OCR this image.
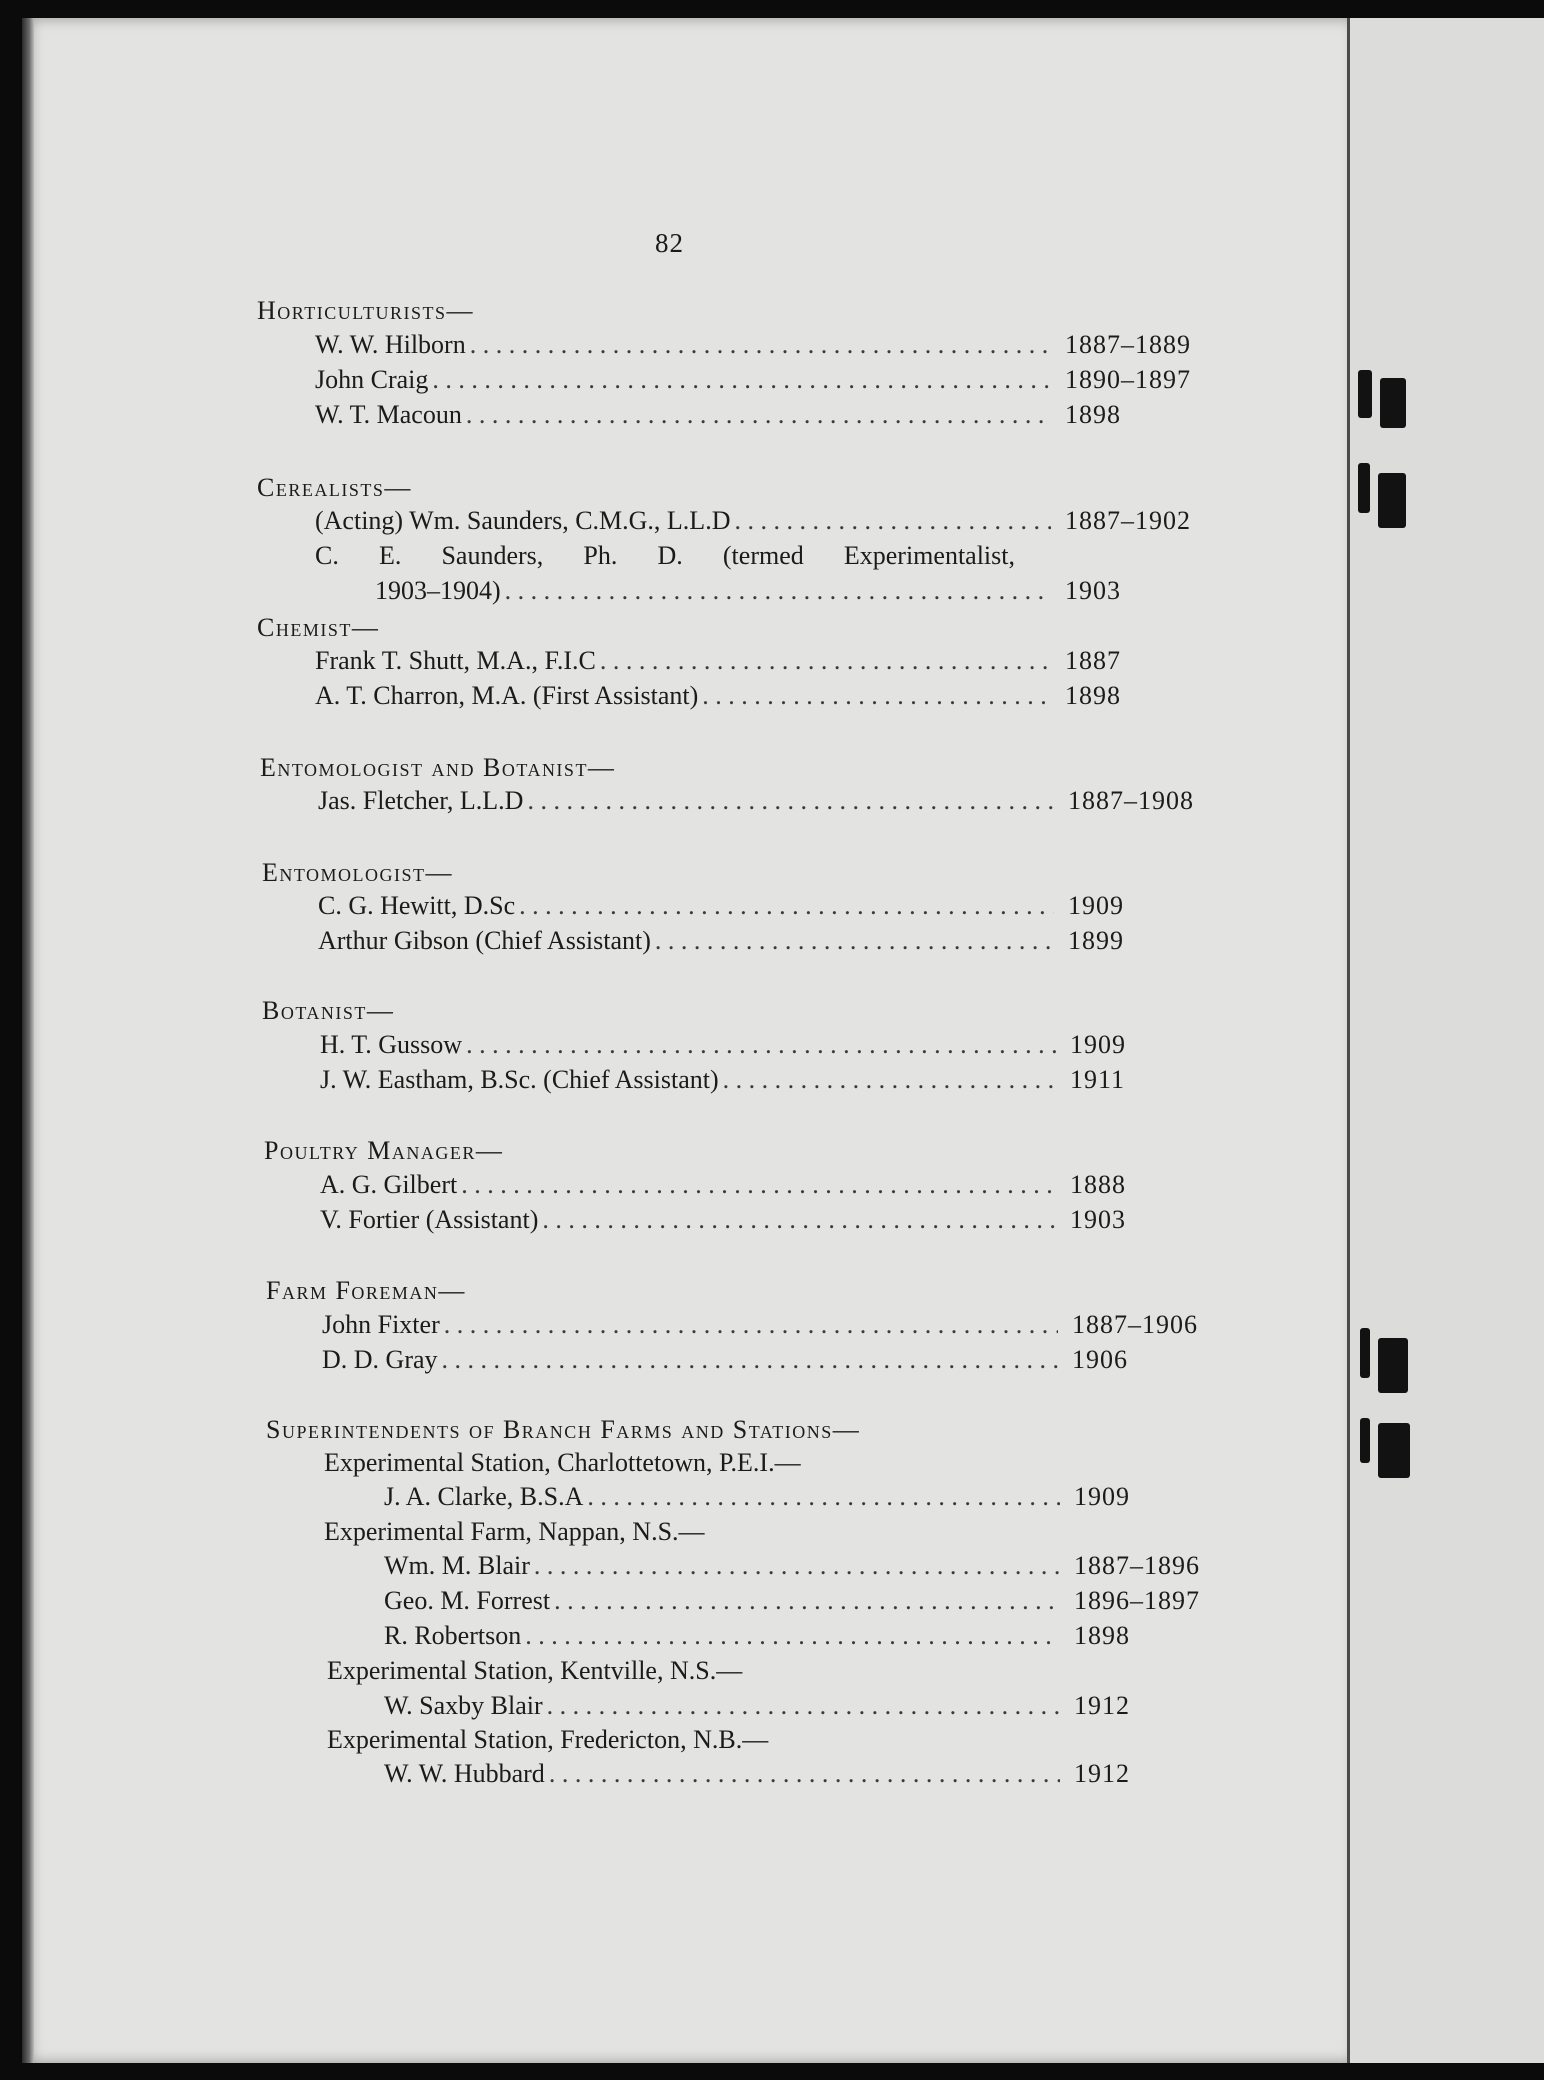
82
Horticulturists—
W. W. Hilborn . . .	1887–1889
John Craig . . .	1890–1897
W. T. Macoun . . .	1898
Cerealists—
(Acting) Wm. Saunders, C.M.G., L.L.D . . .	1887–1902
C. E. Saunders, Ph. D. (termed Experimentalist,
1903–1904) . . .	1903
Chemist—
Frank T. Shutt, M.A., F.I.C . . .	1887
A. T. Charron, M.A. (First Assistant) . . .	1898
Entomologist and Botanist—
Jas. Fletcher, L.L.D . . .	1887–1908
Entomologist—
C. G. Hewitt, D.Sc . . .	1909
Arthur Gibson (Chief Assistant) . . .	1899
Botanist—
H. T. Gussow . . .	1909
J. W. Eastham, B.Sc. (Chief Assistant) . . .	1911
Poultry Manager—
A. G. Gilbert . . .	1888
V. Fortier (Assistant) . . .	1903
Farm Foreman—
John Fixter . . .	1887–1906
D. D. Gray . . .	1906
Superintendents of Branch Farms and Stations—
Experimental Station, Charlottetown, P.E.I.—
J. A. Clarke, B.S.A . . .	1909
Experimental Farm, Nappan, N.S.—
Wm. M. Blair . . .	1887–1896
Geo. M. Forrest . . .	1896–1897
R. Robertson . . .	1898
Experimental Station, Kentville, N.S.—
W. Saxby Blair . . .	1912
Experimental Station, Fredericton, N.B.—
W. W. Hubbard . . .	1912
